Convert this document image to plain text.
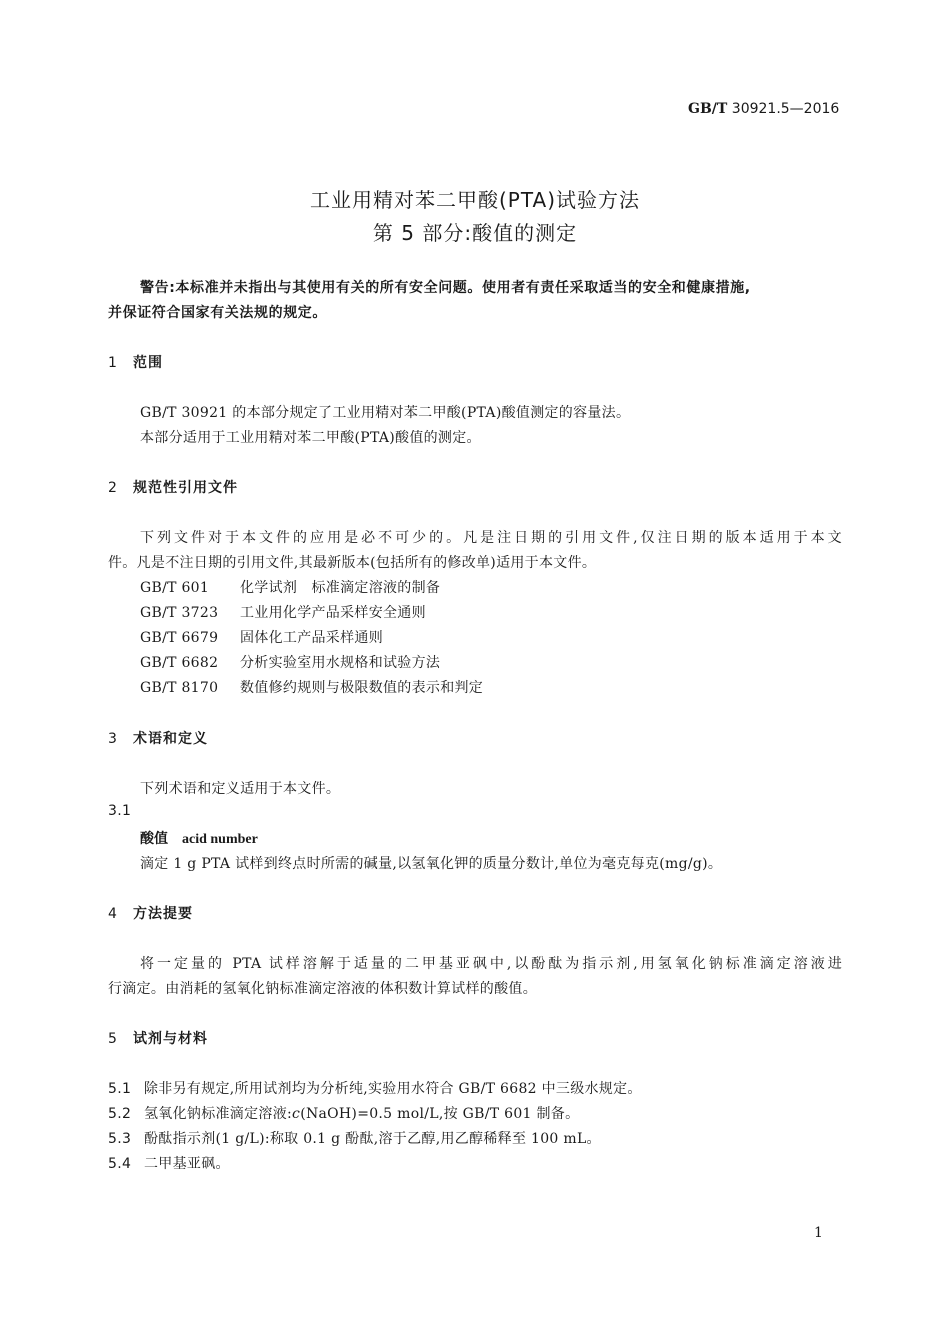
GB/T 30921.5—2016
工业用精对苯二甲酸(PTA)试验方法
第 5 部分:酸值的测定
警告:本标准并未指出与其使用有关的所有安全问题。使用者有责任采取适当的安全和健康措施,
并保证符合国家有关法规的规定。
1 范围
GB/T 30921 的本部分规定了工业用精对苯二甲酸(PTA)酸值测定的容量法。
本部分适用于工业用精对苯二甲酸(PTA)酸值的测定。
2 规范性引用文件
下列文件对于本文件的应用是必不可少的。凡是注日期的引用文件,仅注日期的版本适用于本文
件。凡是不注日期的引用文件,其最新版本(包括所有的修改单)适用于本文件。
GB/T 601 化学试剂　标准滴定溶液的制备
GB/T 3723 工业用化学产品采样安全通则
GB/T 6679 固体化工产品采样通则
GB/T 6682 分析实验室用水规格和试验方法
GB/T 8170 数值修约规则与极限数值的表示和判定
3 术语和定义
下列术语和定义适用于本文件。
3.1
酸值 acid number
滴定 1 g PTA 试样到终点时所需的碱量,以氢氧化钾的质量分数计,单位为毫克每克(mg/g)。
4 方法提要
将一定量的 PTA 试样溶解于适量的二甲基亚砜中,以酚酞为指示剂,用氢氧化钠标准滴定溶液进
行滴定。由消耗的氢氧化钠标准滴定溶液的体积数计算试样的酸值。
5 试剂与材料
5.1 除非另有规定,所用试剂均为分析纯,实验用水符合 GB/T 6682 中三级水规定。
5.2 氢氧化钠标准滴定溶液:c(NaOH)=0.5 mol/L,按 GB/T 601 制备。
5.3 酚酞指示剂(1 g/L):称取 0.1 g 酚酞,溶于乙醇,用乙醇稀释至 100 mL。
5.4 二甲基亚砜。
1
